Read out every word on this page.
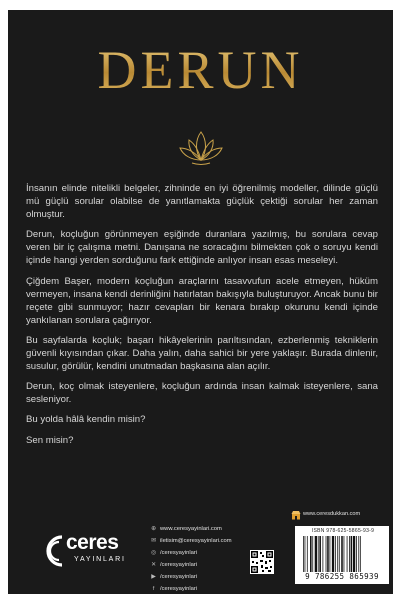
DERUN

İnsanın elinde nitelikli belgeler, zihninde en iyi öğrenilmiş modeller, dilinde güçlü mü güçlü sorular olabilse de yanıtlamakta güçlük çektiği sorular her zaman olmuştur.

Derun, koçluğun görünmeyen eşiğinde duranlara yazılmış, bu sorulara cevap veren bir iç çalışma metni. Danışana ne soracağını bilmekten çok o soruyu kendi içinde hangi yerden sorduğunu fark ettiğinde anlıyor insan esas meseleyi.

Çiğdem Başer, modern koçluğun araçlarını tasavvufun acele etmeyen, hüküm vermeyen, insana kendi derinliğini hatırlatan bakışıyla buluşturuyor. Ancak bunu bir reçete gibi sunmuyor; hazır cevapları bir kenara bırakıp okurunu kendi içinde yankılanan sorulara çağırıyor.

Bu sayfalarda koçluk; başarı hikâyelerinin parıltısından, ezberlenmiş tekniklerin güvenli kıyısından çıkar. Daha yalın, daha sahici bir yere yaklaşır. Burada dinlenir, susulur, görülür, kendini unutmadan başkasına alan açılır.

Derun, koç olmak isteyenlere, koçluğun ardında insan kalmak isteyenlere, sana sesleniyor.

Bu yolda hâlâ kendin misin?

Sen misin?

ceres
YAYINLARI
⊕ www.ceresyayinlari.com
✉ iletisim@ceresyayinlari.com
◎ /ceresyayinlari
✕ /ceresyayinlari
▶ /ceresyayinlari
f /ceresyayinlari
www.ceresdukkan.com
ISBN 978-625-5865-93-9
9 786255 865939
